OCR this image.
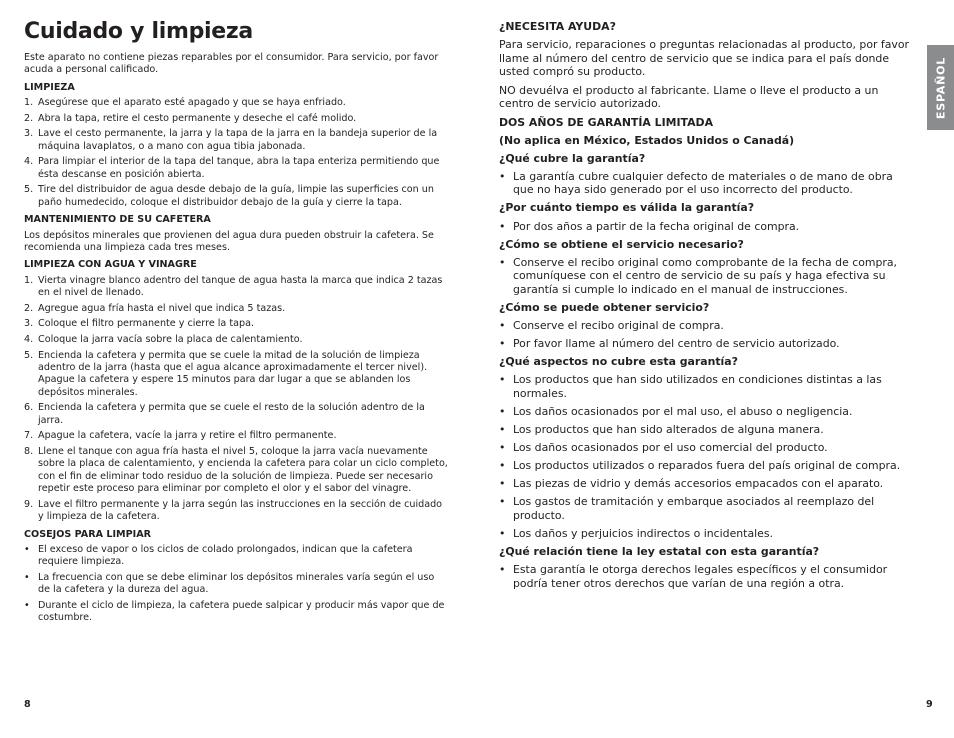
Cuidado y limpieza

Este aparato no contiene piezas reparables por el consumidor. Para servicio, por favor acuda a personal calificado.

LIMPIEZA
1. Asegúrese que el aparato esté apagado y que se haya enfriado.
2. Abra la tapa, retire el cesto permanente y deseche el café molido.
3. Lave el cesto permanente, la jarra y la tapa de la jarra en la bandeja superior de la máquina lavaplatos, o a mano con agua tibia jabonada.
4. Para limpiar el interior de la tapa del tanque, abra la tapa enteriza permitiendo que ésta descanse en posición abierta.
5. Tire del distribuidor de agua desde debajo de la guía, limpie las superficies con un paño humedecido, coloque el distribuidor debajo de la guía y cierre la tapa.
MANTENIMIENTO DE SU CAFETERA

Los depósitos minerales que provienen del agua dura pueden obstruir la cafetera. Se recomienda una limpieza cada tres meses.

LIMPIEZA CON AGUA Y VINAGRE
1. Vierta vinagre blanco adentro del tanque de agua hasta la marca que indica 2 tazas en el nivel de llenado.
2. Agregue agua fría hasta el nivel que indica 5 tazas.
3. Coloque el filtro permanente y cierre la tapa.
4. Coloque la jarra vacía sobre la placa de calentamiento.
5. Encienda la cafetera y permita que se cuele la mitad de la solución de limpieza adentro de la jarra (hasta que el agua alcance aproximadamente el tercer nivel). Apague la cafetera y espere 15 minutos para dar lugar a que se ablanden los depósitos minerales.
6. Encienda la cafetera y permita que se cuele el resto de la solución adentro de la jarra.
7. Apague la cafetera, vacíe la jarra y retire el filtro permanente.
8. Llene el tanque con agua fría hasta el nivel 5, coloque la jarra vacía nuevamente sobre la placa de calentamiento, y encienda la cafetera para colar un ciclo completo, con el fin de eliminar todo residuo de la solución de limpieza. Puede ser necesario repetir este proceso para eliminar por completo el olor y el sabor del vinagre.
9. Lave el filtro permanente y la jarra según las instrucciones en la sección de cuidado y limpieza de la cafetera.
COSEJOS PARA LIMPIAR
• El exceso de vapor o los ciclos de colado prolongados, indican que la cafetera requiere limpieza.
• La frecuencia con que se debe eliminar los depósitos minerales varía según el uso de la cafetera y la dureza del agua.
• Durante el ciclo de limpieza, la cafetera puede salpicar y producir más vapor que de costumbre.
8
¿NECESITA AYUDA?

Para servicio, reparaciones o preguntas relacionadas al producto, por favor llame al número del centro de servicio que se indica para el país donde usted compró su producto.

NO devuélva el producto al fabricante. Llame o lleve el producto a un centro de servicio autorizado.

DOS AÑOS DE GARANTÍA LIMITADA
(No aplica en México, Estados Unidos o Canadá)
¿Qué cubre la garantía?
• La garantía cubre cualquier defecto de materiales o de mano de obra que no haya sido generado por el uso incorrecto del producto.
¿Por cuánto tiempo es válida la garantía?
• Por dos años a partir de la fecha original de compra.
¿Cómo se obtiene el servicio necesario?
• Conserve el recibo original como comprobante de la fecha de compra, comuníquese con el centro de servicio de su país y haga efectiva su garantía si cumple lo indicado en el manual de instrucciones.
¿Cómo se puede obtener servicio?
• Conserve el recibo original de compra.
• Por favor llame al número del centro de servicio autorizado.
¿Qué aspectos no cubre esta garantía?
• Los productos que han sido utilizados en condiciones distintas a las normales.
• Los daños ocasionados por el mal uso, el abuso o negligencia.
• Los productos que han sido alterados de alguna manera.
• Los daños ocasionados por el uso comercial del producto.
• Los productos utilizados o reparados fuera del país original de compra.
• Las piezas de vidrio y demás accesorios empacados con el aparato.
• Los gastos de tramitación y embarque asociados al reemplazo del producto.
• Los daños y perjuicios indirectos o incidentales.
¿Qué relación tiene la ley estatal con esta garantía?
• Esta garantía le otorga derechos legales específicos y el consumidor podría tener otros derechos que varían de una región a otra.
9
ESPAÑOL
